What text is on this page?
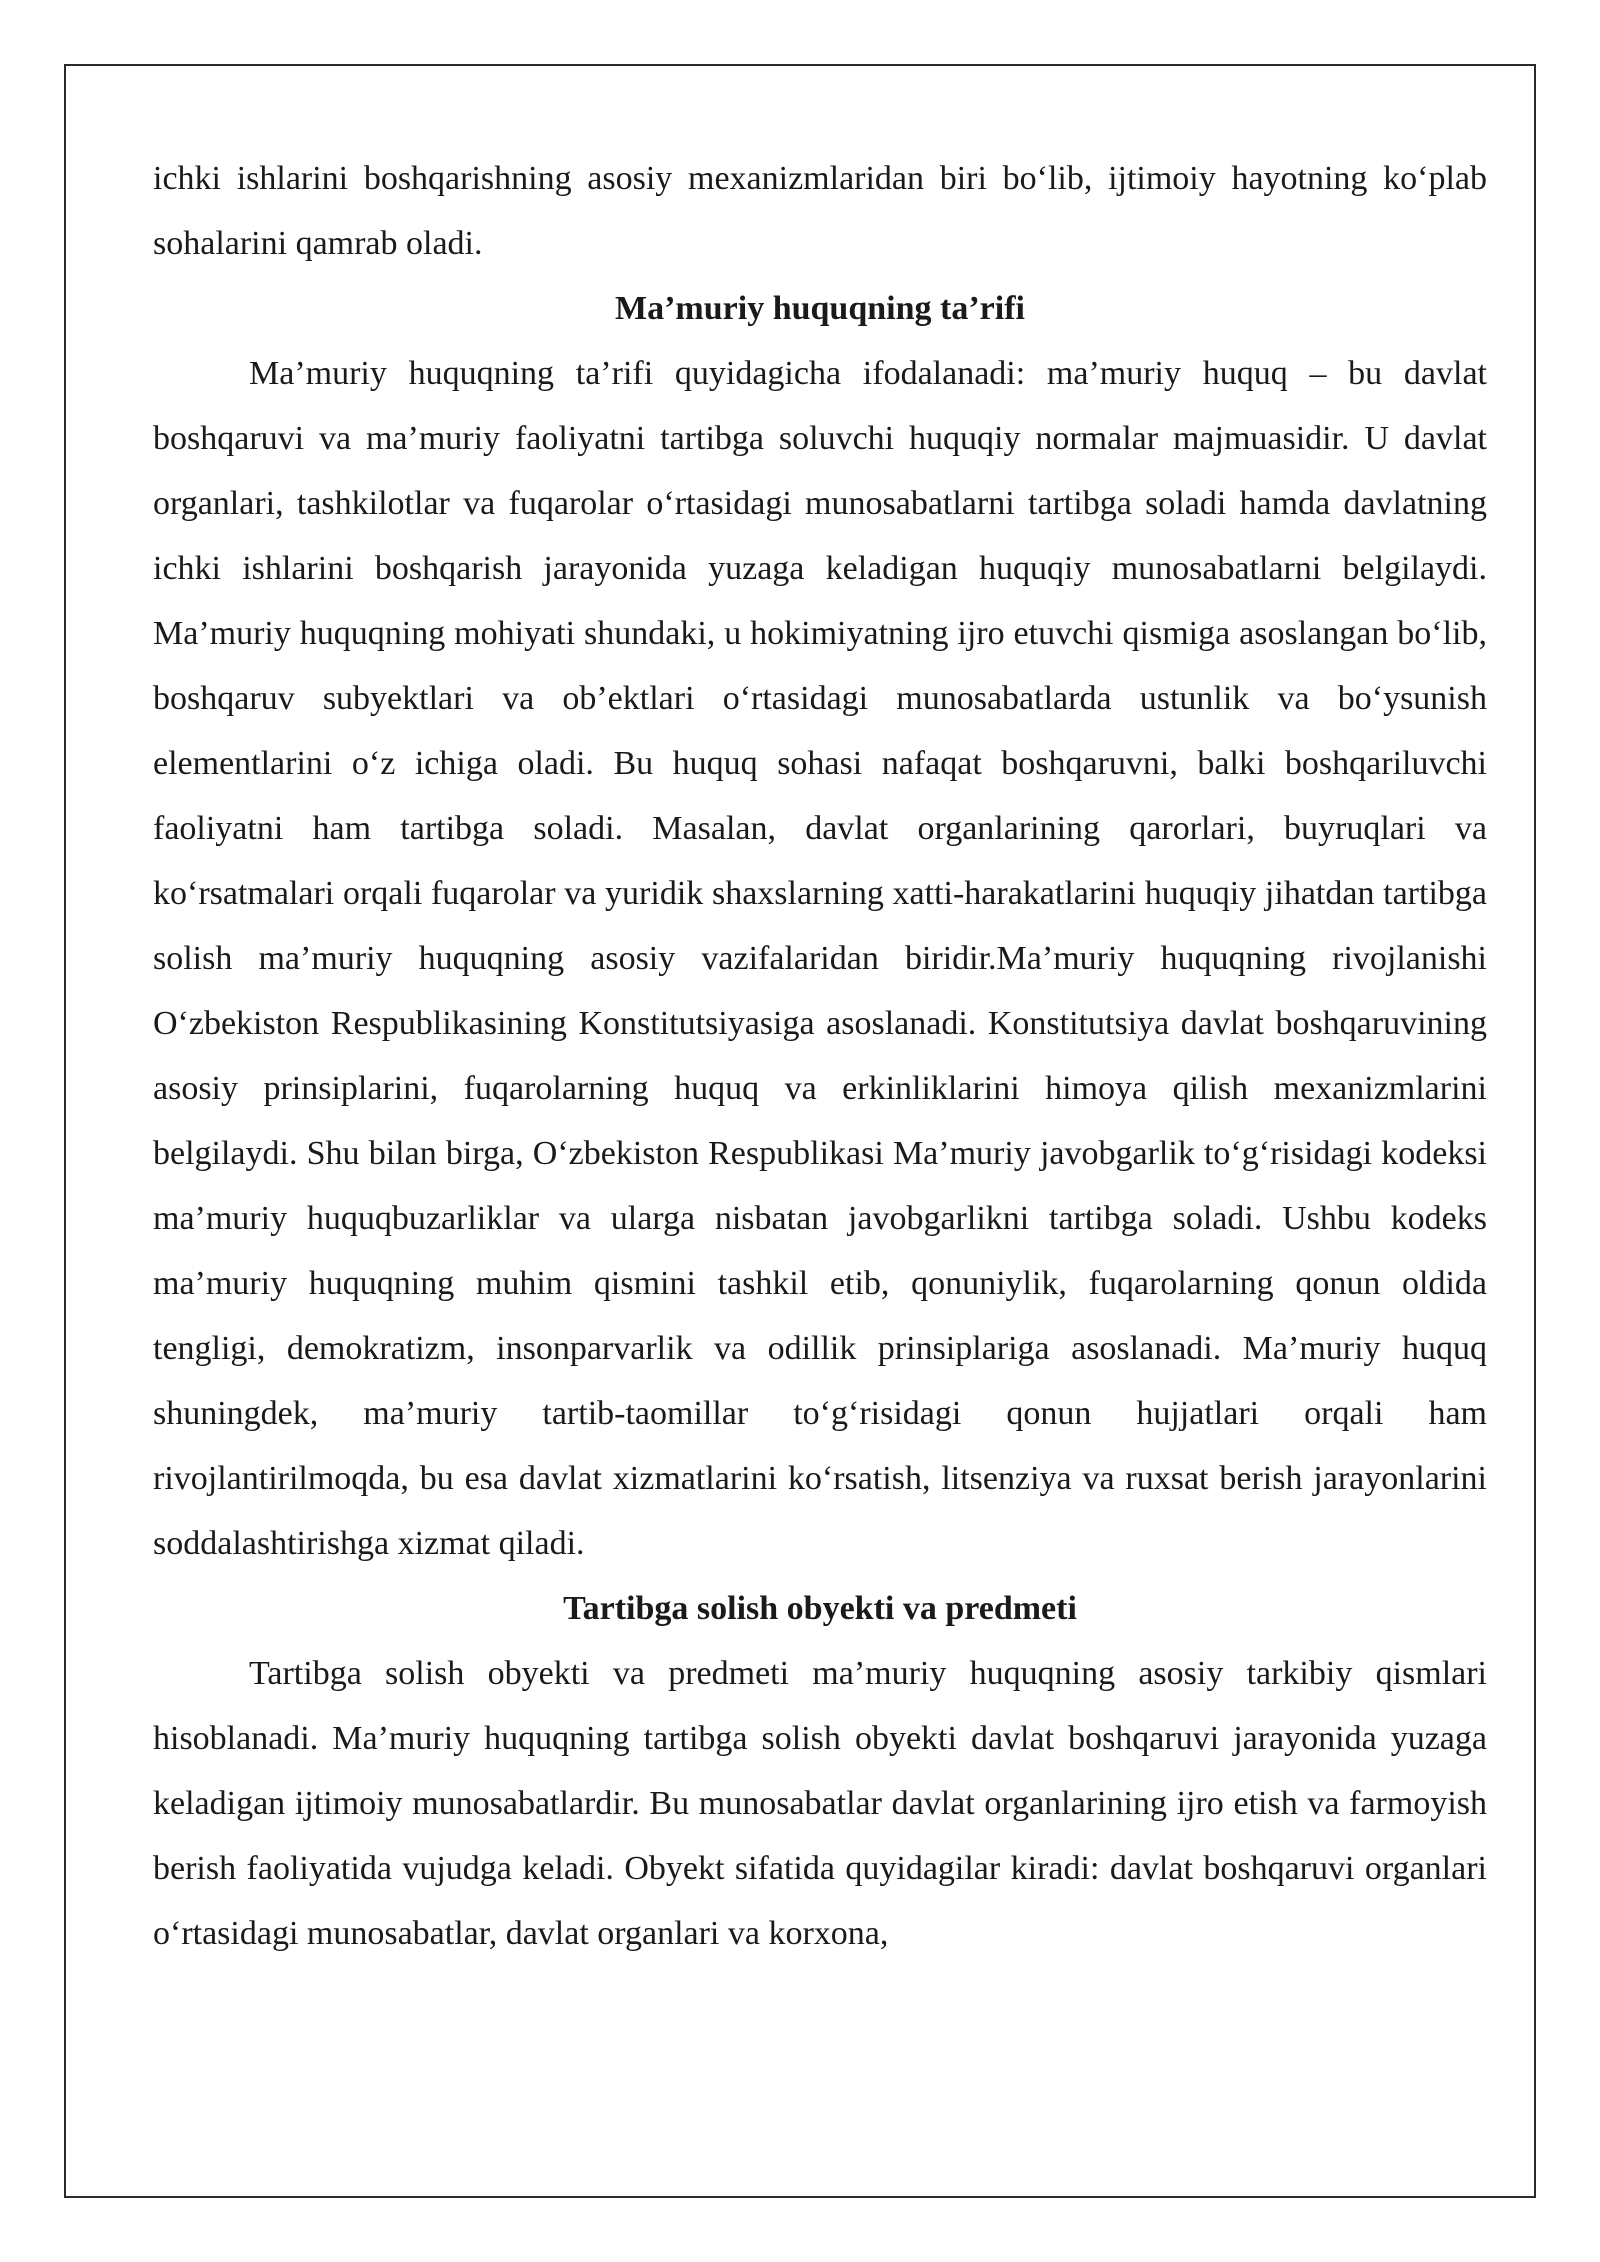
ichki ishlarini boshqarishning asosiy mexanizmlaridan biri bo‘lib, ijtimoiy hayotning ko‘plab sohalarini qamrab oladi.

Ma’muriy huquqning ta’rifi

Ma’muriy huquqning ta’rifi quyidagicha ifodalanadi: ma’muriy huquq – bu davlat boshqaruvi va ma’muriy faoliyatni tartibga soluvchi huquqiy normalar majmuasidir. U davlat organlari, tashkilotlar va fuqarolar o‘rtasidagi munosabatlarni tartibga soladi hamda davlatning ichki ishlarini boshqarish jarayonida yuzaga keladigan huquqiy munosabatlarni belgilaydi. Ma’muriy huquqning mohiyati shundaki, u hokimiyatning ijro etuvchi qismiga asoslangan bo‘lib, boshqaruv subyektlari va ob’ektlari o‘rtasidagi munosabatlarda ustunlik va bo‘ysunish elementlarini o‘z ichiga oladi. Bu huquq sohasi nafaqat boshqaruvni, balki boshqariluvchi faoliyatni ham tartibga soladi. Masalan, davlat organlarining qarorlari, buyruqlari va ko‘rsatmalari orqali fuqarolar va yuridik shaxslarning xatti-harakatlarini huquqiy jihatdan tartibga solish ma’muriy huquqning asosiy vazifalaridan biridir.Ma’muriy huquqning rivojlanishi O‘zbekiston Respublikasining Konstitutsiyasiga asoslanadi. Konstitutsiya davlat boshqaruvining asosiy prinsiplarini, fuqarolarning huquq va erkinliklarini himoya qilish mexanizmlarini belgilaydi. Shu bilan birga, O‘zbekiston Respublikasi Ma’muriy javobgarlik to‘g‘risidagi kodeksi ma’muriy huquqbuzarliklar va ularga nisbatan javobgarlikni tartibga soladi. Ushbu kodeks ma’muriy huquqning muhim qismini tashkil etib, qonuniylik, fuqarolarning qonun oldida tengligi, demokratizm, insonparvarlik va odillik prinsiplariga asoslanadi. Ma’muriy huquq shuningdek, ma’muriy tartib-taomillar to‘g‘risidagi qonun hujjatlari orqali ham rivojlantirilmoqda, bu esa davlat xizmatlarini ko‘rsatish, litsenziya va ruxsat berish jarayonlarini soddalashtirishga xizmat qiladi.

Tartibga solish obyekti va predmeti

Tartibga solish obyekti va predmeti ma’muriy huquqning asosiy tarkibiy qismlari hisoblanadi. Ma’muriy huquqning tartibga solish obyekti davlat boshqaruvi jarayonida yuzaga keladigan ijtimoiy munosabatlardir. Bu munosabatlar davlat organlarining ijro etish va farmoyish berish faoliyatida vujudga keladi. Obyekt sifatida quyidagilar kiradi: davlat boshqaruvi organlari o‘rtasidagi munosabatlar, davlat organlari va korxona,
